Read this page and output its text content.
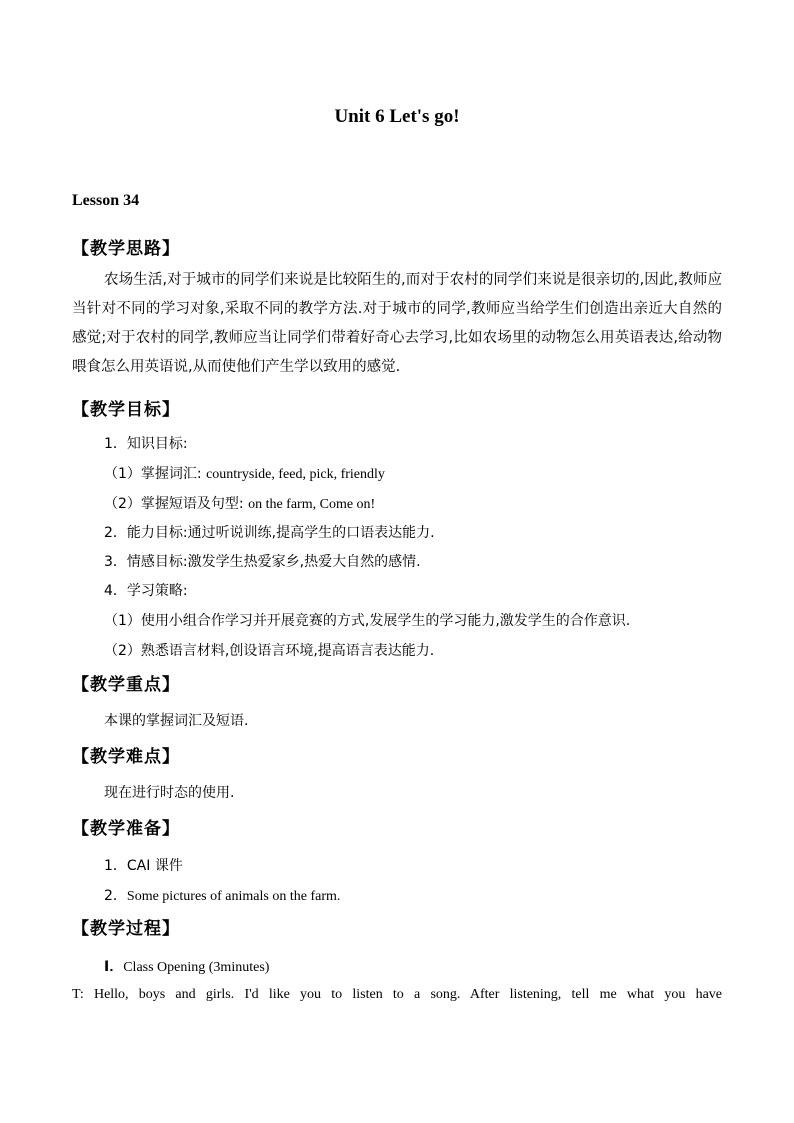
Unit 6 Let's go!
Lesson 34
【教学思路】
农场生活,对于城市的同学们来说是比较陌生的,而对于农村的同学们来说是很亲切的,因此,教师应当针对不同的学习对象,采取不同的教学方法.对于城市的同学,教师应当给学生们创造出亲近大自然的感觉;对于农村的同学,教师应当让同学们带着好奇心去学习,比如农场里的动物怎么用英语表达,给动物喂食怎么用英语说,从而使他们产生学以致用的感觉.
【教学目标】
1．知识目标:
（1）掌握词汇: countryside, feed, pick, friendly
（2）掌握短语及句型: on the farm, Come on!
2．能力目标:通过听说训练,提高学生的口语表达能力.
3．情感目标:激发学生热爱家乡,热爱大自然的感情.
4．学习策略:
（1）使用小组合作学习并开展竞赛的方式,发展学生的学习能力,激发学生的合作意识.
（2）熟悉语言材料,创设语言环境,提高语言表达能力.
【教学重点】
本课的掌握词汇及短语.
【教学难点】
现在进行时态的使用.
【教学准备】
1．CAI 课件
2．Some pictures of animals on the farm.
【教学过程】
Ⅰ．Class Opening (3minutes)
T: Hello, boys and girls. I'd like you to listen to a song. After listening, tell me what you have
